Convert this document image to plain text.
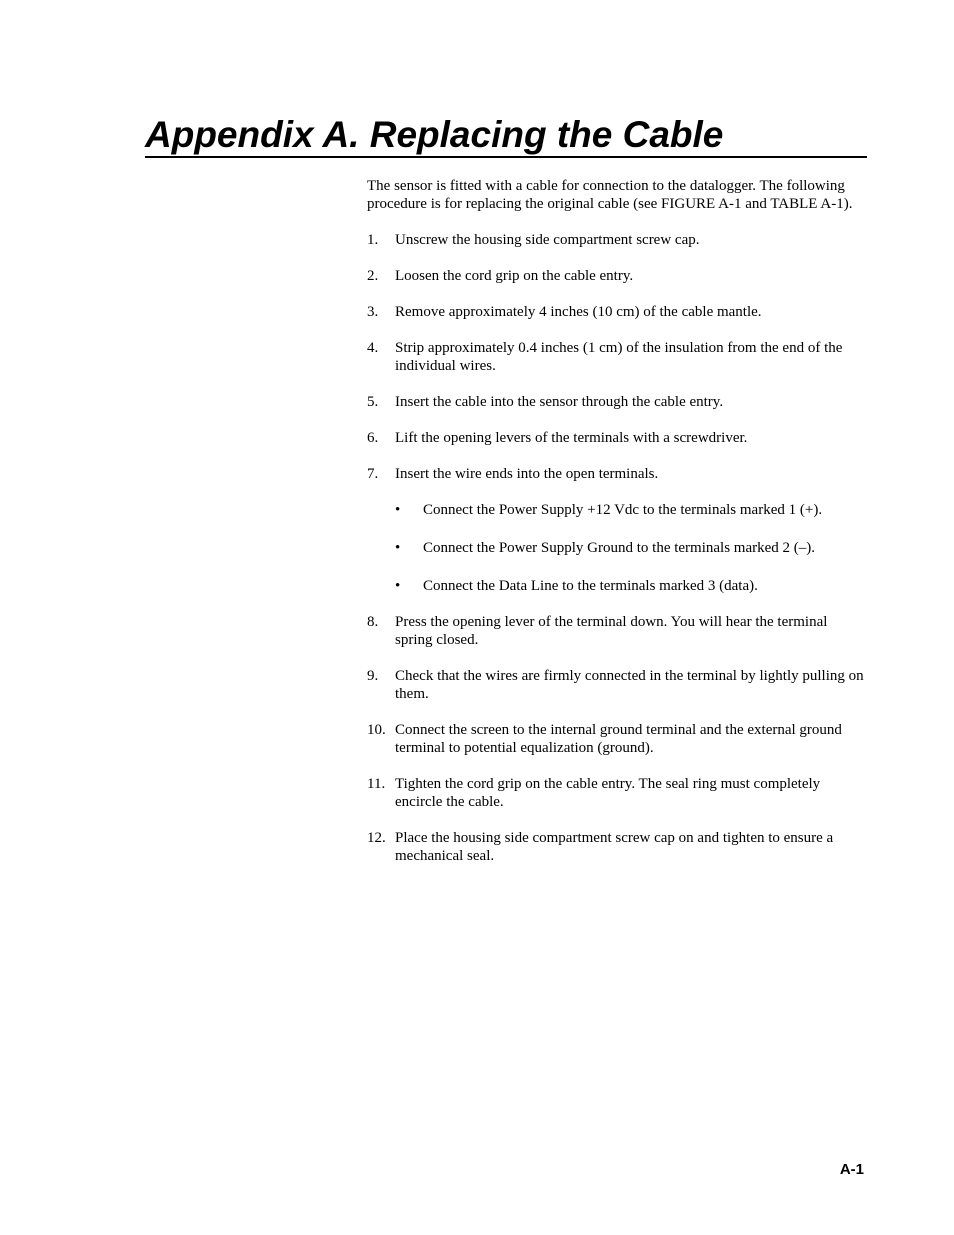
Appendix A. Replacing the Cable

The sensor is fitted with a cable for connection to the datalogger. The following procedure is for replacing the original cable (see FIGURE A-1 and TABLE A-1).

1. Unscrew the housing side compartment screw cap.
2. Loosen the cord grip on the cable entry.
3. Remove approximately 4 inches (10 cm) of the cable mantle.
4. Strip approximately 0.4 inches (1 cm) of the insulation from the end of the individual wires.
5. Insert the cable into the sensor through the cable entry.
6. Lift the opening levers of the terminals with a screwdriver.
7. Insert the wire ends into the open terminals.
• Connect the Power Supply +12 Vdc to the terminals marked 1 (+).
• Connect the Power Supply Ground to the terminals marked 2 (–).
• Connect the Data Line to the terminals marked 3 (data).
8. Press the opening lever of the terminal down. You will hear the terminal spring closed.
9. Check that the wires are firmly connected in the terminal by lightly pulling on them.
10. Connect the screen to the internal ground terminal and the external ground terminal to potential equalization (ground).
11. Tighten the cord grip on the cable entry. The seal ring must completely encircle the cable.
12. Place the housing side compartment screw cap on and tighten to ensure a mechanical seal.
A-1
